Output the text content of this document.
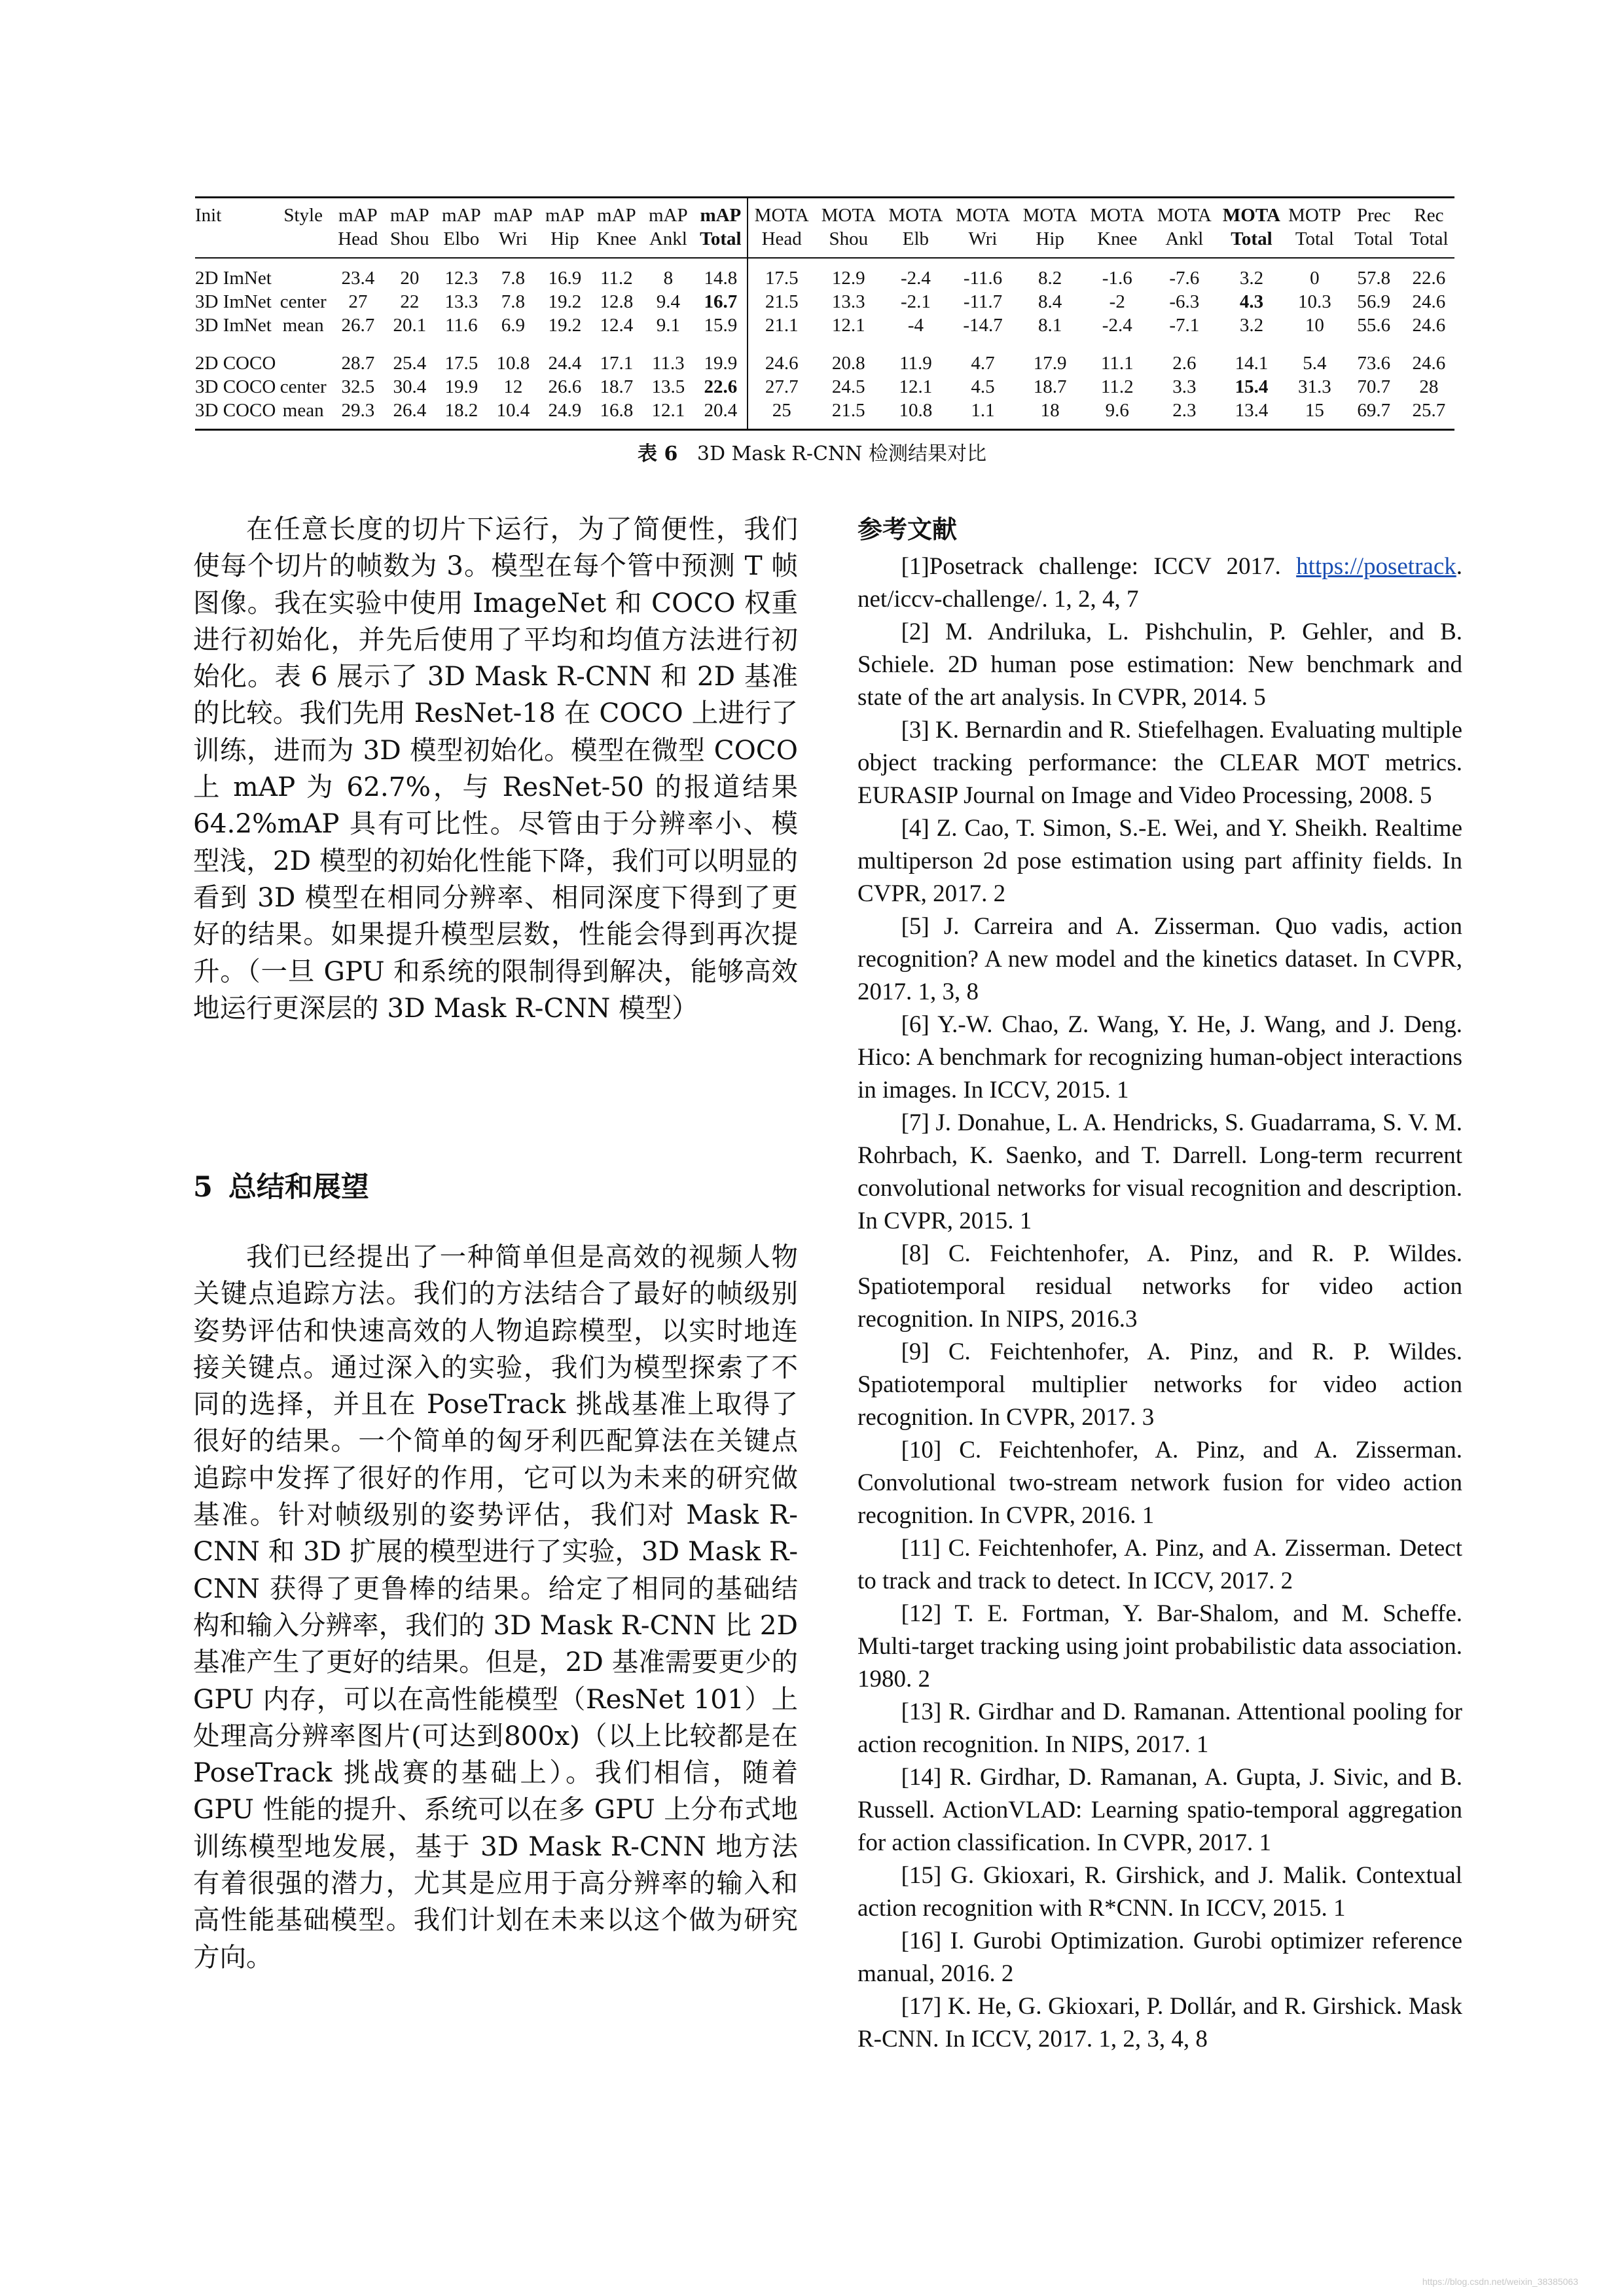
Init	Style	mAP	mAP	mAP	mAP	mAP	mAP	mAP	mAP	MOTA	MOTA	MOTA	MOTA	MOTA	MOTA	MOTA	MOTA	MOTP	Prec	Rec
		Head	Shou	Elbo	Wri	Hip	Knee	Ankl	Total	Head	Shou	Elb	Wri	Hip	Knee	Ankl	Total	Total	Total	Total
2D ImNet		23.4	20	12.3	7.8	16.9	11.2	8	14.8	17.5	12.9	-2.4	-11.6	8.2	-1.6	-7.6	3.2	0	57.8	22.6
3D ImNet	center	27	22	13.3	7.8	19.2	12.8	9.4	16.7	21.5	13.3	-2.1	-11.7	8.4	-2	-6.3	4.3	10.3	56.9	24.6
3D ImNet	mean	26.7	20.1	11.6	6.9	19.2	12.4	9.1	15.9	21.1	12.1	-4	-14.7	8.1	-2.4	-7.1	3.2	10	55.6	24.6
2D COCO		28.7	25.4	17.5	10.8	24.4	17.1	11.3	19.9	24.6	20.8	11.9	4.7	17.9	11.1	2.6	14.1	5.4	73.6	24.6
3D COCO	center	32.5	30.4	19.9	12	26.6	18.7	13.5	22.6	27.7	24.5	12.1	4.5	18.7	11.2	3.3	15.4	31.3	70.7	28
3D COCO	mean	29.3	26.4	18.2	10.4	24.9	16.8	12.1	20.4	25	21.5	10.8	1.1	18	9.6	2.3	13.4	15	69.7	25.7
表 6 3D Mask R-CNN 检测结果对比

在任意长度的切片下运行，为了简便性，我们使每个切片的帧数为 3。模型在每个管中预测 T 帧图像。我在实验中使用 ImageNet 和 COCO 权重进行初始化，并先后使用了平均和均值方法进行初始化。表 6 展示了 3D Mask R-CNN 和 2D 基准的比较。我们先用 ResNet-18 在 COCO 上进行了训练，进而为 3D 模型初始化。模型在微型 COCO 上 mAP 为 62.7%，与 ResNet-50 的报道结果 64.2%mAP 具有可比性。尽管由于分辨率小、模型浅，2D 模型的初始化性能下降，我们可以明显的看到 3D 模型在相同分辨率、相同深度下得到了更好的结果。如果提升模型层数，性能会得到再次提升。（一旦 GPU 和系统的限制得到解决，能够高效地运行更深层的 3D Mask R-CNN 模型）

5 总结和展望

我们已经提出了一种简单但是高效的视频人物关键点追踪方法。我们的方法结合了最好的帧级别姿势评估和快速高效的人物追踪模型，以实时地连接关键点。通过深入的实验，我们为模型探索了不同的选择，并且在 PoseTrack 挑战基准上取得了很好的结果。一个简单的匈牙利匹配算法在关键点追踪中发挥了很好的作用，它可以为未来的研究做基准。针对帧级别的姿势评估，我们对 Mask R-CNN 和 3D 扩展的模型进行了实验，3D Mask R-CNN 获得了更鲁棒的结果。给定了相同的基础结构和输入分辨率，我们的 3D Mask R-CNN 比 2D 基准产生了更好的结果。但是，2D 基准需要更少的 GPU 内存，可以在高性能模型（ResNet 101）上处理高分辨率图片(可达到800x)（以上比较都是在 PoseTrack 挑战赛的基础上）。我们相信，随着 GPU 性能的提升、系统可以在多 GPU 上分布式地训练模型地发展，基于 3D Mask R-CNN 地方法有着很强的潜力，尤其是应用于高分辨率的输入和高性能基础模型。我们计划在未来以这个做为研究方向。

参考文献

[1]Posetrack challenge: ICCV 2017. https://posetrack. net/iccv-challenge/. 1, 2, 4, 7

[2] M. Andriluka, L. Pishchulin, P. Gehler, and B. Schiele. 2D human pose estimation: New benchmark and state of the art analysis. In CVPR, 2014. 5

[3] K. Bernardin and R. Stiefelhagen. Evaluating multiple object tracking performance: the CLEAR MOT metrics. EURASIP Journal on Image and Video Processing, 2008. 5

[4] Z. Cao, T. Simon, S.-E. Wei, and Y. Sheikh. Realtime multiperson 2d pose estimation using part affinity fields. In CVPR, 2017. 2

[5] J. Carreira and A. Zisserman. Quo vadis, action recognition? A new model and the kinetics dataset. In CVPR, 2017. 1, 3, 8

[6] Y.-W. Chao, Z. Wang, Y. He, J. Wang, and J. Deng. Hico: A benchmark for recognizing human-object interactions in images. In ICCV, 2015. 1

[7] J. Donahue, L. A. Hendricks, S. Guadarrama, S. V. M. Rohrbach, K. Saenko, and T. Darrell. Long-term recurrent convolutional networks for visual recognition and description. In CVPR, 2015. 1

[8] C. Feichtenhofer, A. Pinz, and R. P. Wildes. Spatiotemporal residual networks for video action recognition. In NIPS, 2016.3

[9] C. Feichtenhofer, A. Pinz, and R. P. Wildes. Spatiotemporal multiplier networks for video action recognition. In CVPR, 2017. 3

[10] C. Feichtenhofer, A. Pinz, and A. Zisserman. Convolutional two-stream network fusion for video action recognition. In CVPR, 2016. 1

[11] C. Feichtenhofer, A. Pinz, and A. Zisserman. Detect to track and track to detect. In ICCV, 2017. 2

[12] T. E. Fortman, Y. Bar-Shalom, and M. Scheffe. Multi-target tracking using joint probabilistic data association. 1980. 2

[13] R. Girdhar and D. Ramanan. Attentional pooling for action recognition. In NIPS, 2017. 1

[14] R. Girdhar, D. Ramanan, A. Gupta, J. Sivic, and B. Russell. ActionVLAD: Learning spatio-temporal aggregation for action classification. In CVPR, 2017. 1

[15] G. Gkioxari, R. Girshick, and J. Malik. Contextual action recognition with R*CNN. In ICCV, 2015. 1

[16] I. Gurobi Optimization. Gurobi optimizer reference manual, 2016. 2

[17] K. He, G. Gkioxari, P. Dollár, and R. Girshick. Mask R-CNN. In ICCV, 2017. 1, 2, 3, 4, 8

https://blog.csdn.net/weixin_38385063
